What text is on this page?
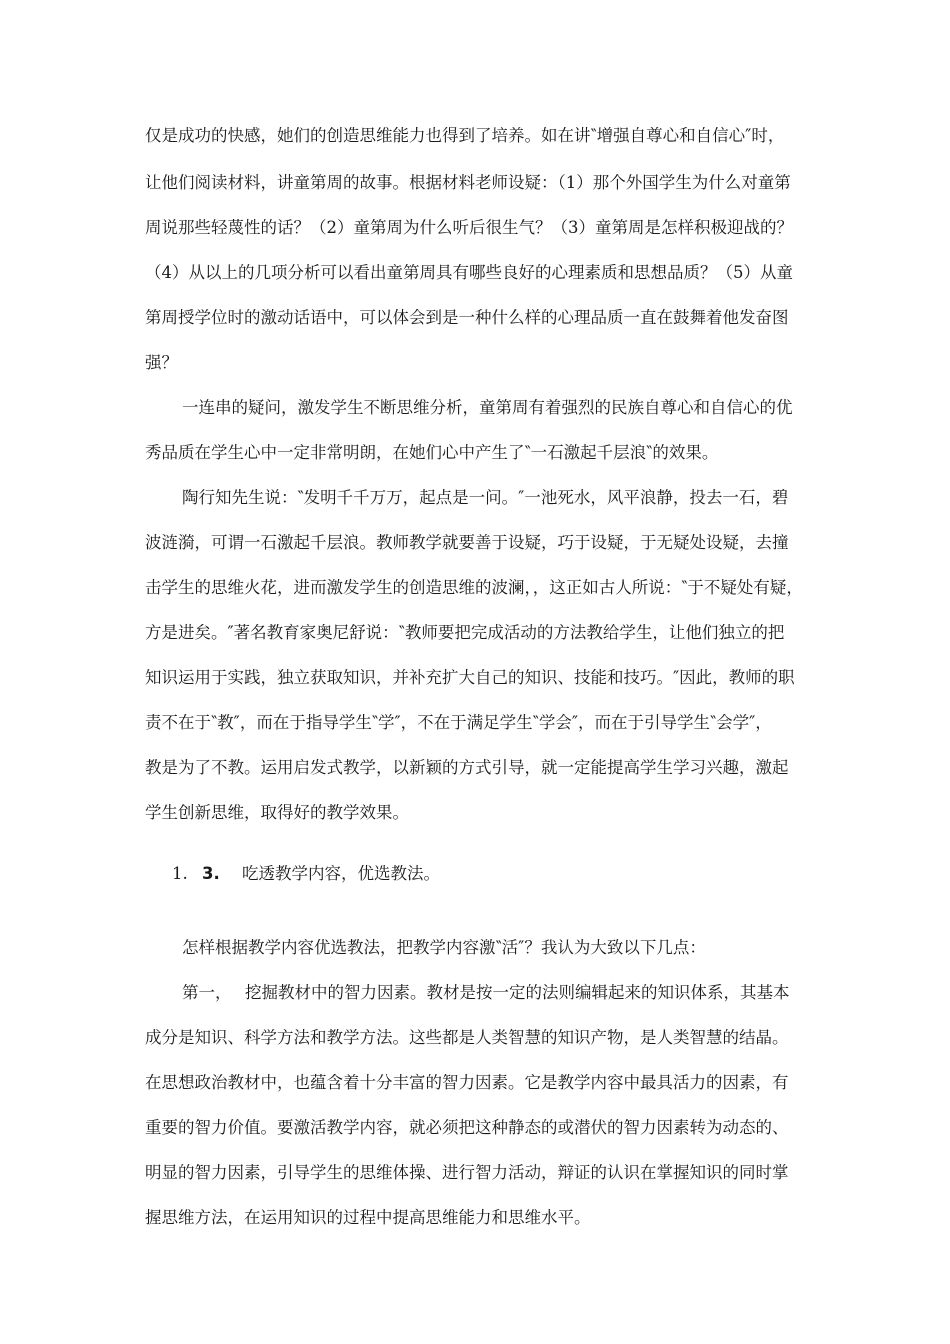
仅是成功的快感，她们的创造思维能力也得到了培养。如在讲‶增强自尊心和自信心″时，

让他们阅读材料，讲童第周的故事。根据材料老师设疑：（1）那个外国学生为什么对童第

周说那些轻蔑性的话？（2）童第周为什么听后很生气？（3）童第周是怎样积极迎战的？

（4）从以上的几项分析可以看出童第周具有哪些良好的心理素质和思想品质？（5）从童

第周授学位时的激动话语中，可以体会到是一种什么样的心理品质一直在鼓舞着他发奋图

强？

一连串的疑问，激发学生不断思维分析，童第周有着强烈的民族自尊心和自信心的优

秀品质在学生心中一定非常明朗，在她们心中产生了‶一石激起千层浪‶的效果。

陶行知先生说：‶发明千千万万，起点是一问。″一池死水，风平浪静，投去一石，碧

波涟漪，可谓一石激起千层浪。教师教学就要善于设疑，巧于设疑，于无疑处设疑，去撞

击学生的思维火花，进而激发学生的创造思维的波澜，，这正如古人所说：‶于不疑处有疑，

方是进矣。″著名教育家奥尼舒说：‶教师要把完成活动的方法教给学生，让他们独立的把

知识运用于实践，独立获取知识，并补充扩大自己的知识、技能和技巧。″因此，教师的职

责不在于‶教″，而在于指导学生‶学″，不在于满足学生‶学会″，而在于引导学生‶会学″，

教是为了不教。运用启发式教学，以新颖的方式引导，就一定能提高学生学习兴趣，激起

学生创新思维，取得好的教学效果。

1. 3. 吃透教学内容，优选教法。

怎样根据教学内容优选教法，把教学内容激‶活″？我认为大致以下几点：

第一，　 挖掘教材中的智力因素。教材是按一定的法则编辑起来的知识体系，其基本

成分是知识、科学方法和教学方法。这些都是人类智慧的知识产物，是人类智慧的结晶。

在思想政治教材中，也蕴含着十分丰富的智力因素。它是教学内容中最具活力的因素，有

重要的智力价值。要激活教学内容，就必须把这种静态的或潜伏的智力因素转为动态的、

明显的智力因素，引导学生的思维体操、进行智力活动，辩证的认识在掌握知识的同时掌

握思维方法，在运用知识的过程中提高思维能力和思维水平。
